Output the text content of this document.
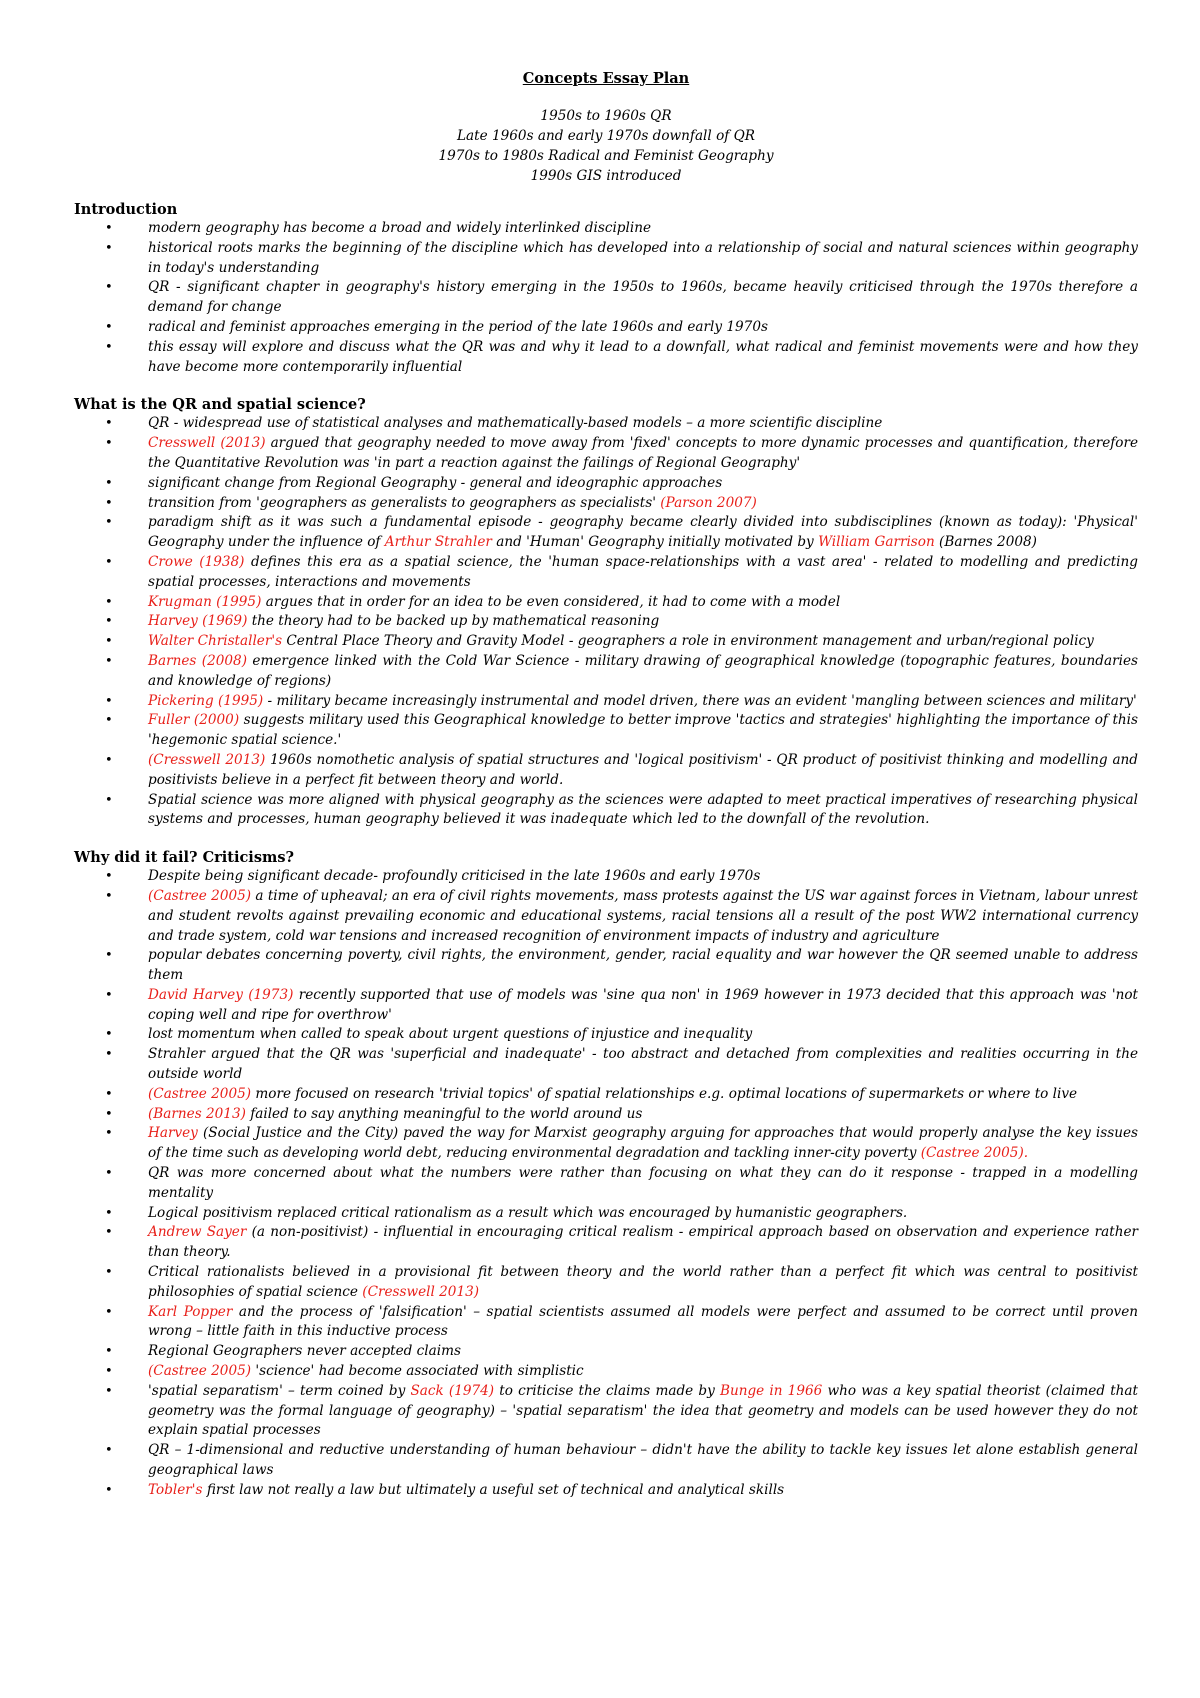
Concepts Essay Plan
1950s to 1960s QR
Late 1960s and early 1970s downfall of QR
1970s to 1980s Radical and Feminist Geography
1990s GIS introduced
Introduction
•	modern geography has become a broad and widely interlinked discipline
•	historical roots marks the beginning of the discipline which has developed into a relationship of social and natural sciences within geography in today's understanding
•	QR - significant chapter in geography's history emerging in the 1950s to 1960s, became heavily criticised through the 1970s therefore a demand for change
•	radical and feminist approaches emerging in the period of the late 1960s and early 1970s
•	this essay will explore and discuss what the QR was and why it lead to a downfall, what radical and feminist movements were and how they have become more contemporarily influential
What is the QR and spatial science?
•	QR - widespread use of statistical analyses and mathematically-based models – a more scientific discipline
•	Cresswell (2013) argued that geography needed to move away from 'fixed' concepts to more dynamic processes and quantification, therefore the Quantitative Revolution was 'in part a reaction against the failings of Regional Geography'
•	significant change from Regional Geography - general and ideographic approaches
•	transition from 'geographers as generalists to geographers as specialists' (Parson 2007)
•	paradigm shift as it was such a fundamental episode - geography became clearly divided into subdisciplines (known as today): 'Physical' Geography under the influence of Arthur Strahler and 'Human' Geography initially motivated by William Garrison (Barnes 2008)
•	Crowe (1938) defines this era as a spatial science, the 'human space-relationships with a vast area' - related to modelling and predicting spatial processes, interactions and movements
•	Krugman (1995) argues that in order for an idea to be even considered, it had to come with a model
•	Harvey (1969) the theory had to be backed up by mathematical reasoning
•	Walter Christaller's Central Place Theory and Gravity Model - geographers a role in environment management and urban/regional policy
•	Barnes (2008) emergence linked with the Cold War Science - military drawing of geographical knowledge (topographic features, boundaries and knowledge of regions)
•	Pickering (1995) - military became increasingly instrumental and model driven, there was an evident 'mangling between sciences and military'
•	Fuller (2000) suggests military used this Geographical knowledge to better improve 'tactics and strategies' highlighting the importance of this 'hegemonic spatial science.'
•	(Cresswell 2013) 1960s nomothetic analysis of spatial structures and 'logical positivism' - QR product of positivist thinking and modelling and positivists believe in a perfect fit between theory and world.
•	Spatial science was more aligned with physical geography as the sciences were adapted to meet practical imperatives of researching physical systems and processes, human geography believed it was inadequate which led to the downfall of the revolution.
Why did it fail? Criticisms?
•	Despite being significant decade- profoundly criticised in the late 1960s and early 1970s
•	(Castree 2005) a time of upheaval; an era of civil rights movements, mass protests against the US war against forces in Vietnam, labour unrest and student revolts against prevailing economic and educational systems, racial tensions all a result of the post WW2 international currency and trade system, cold war tensions and increased recognition of environment impacts of industry and agriculture
•	popular debates concerning poverty, civil rights, the environment, gender, racial equality and war however the QR seemed unable to address them
•	David Harvey (1973) recently supported that use of models was 'sine qua non' in 1969 however in 1973 decided that this approach was 'not coping well and ripe for overthrow'
•	lost momentum when called to speak about urgent questions of injustice and inequality
•	Strahler argued that the QR was 'superficial and inadequate' - too abstract and detached from complexities and realities occurring in the outside world
•	(Castree 2005) more focused on research 'trivial topics' of spatial relationships e.g. optimal locations of supermarkets or where to live
•	(Barnes 2013) failed to say anything meaningful to the world around us
•	Harvey (Social Justice and the City) paved the way for Marxist geography arguing for approaches that would properly analyse the key issues of the time such as developing world debt, reducing environmental degradation and tackling inner-city poverty (Castree 2005).
•	QR was more concerned about what the numbers were rather than focusing on what they can do it response - trapped in a modelling mentality
•	Logical positivism replaced critical rationalism as a result which was encouraged by humanistic geographers.
•	Andrew Sayer (a non-positivist) - influential in encouraging critical realism - empirical approach based on observation and experience rather than theory.
•	Critical rationalists believed in a provisional fit between theory and the world rather than a perfect fit which was central to positivist philosophies of spatial science (Cresswell 2013)
•	Karl Popper and the process of 'falsification' – spatial scientists assumed all models were perfect and assumed to be correct until proven wrong – little faith in this inductive process
•	Regional Geographers never accepted claims
•	(Castree 2005) 'science' had become associated with simplistic
•	'spatial separatism' – term coined by Sack (1974) to criticise the claims made by Bunge in 1966 who was a key spatial theorist (claimed that geometry was the formal language of geography) – 'spatial separatism' the idea that geometry and models can be used however they do not explain spatial processes
•	QR – 1-dimensional and reductive understanding of human behaviour – didn't have the ability to tackle key issues let alone establish general geographical laws
•	Tobler's first law not really a law but ultimately a useful set of technical and analytical skills
